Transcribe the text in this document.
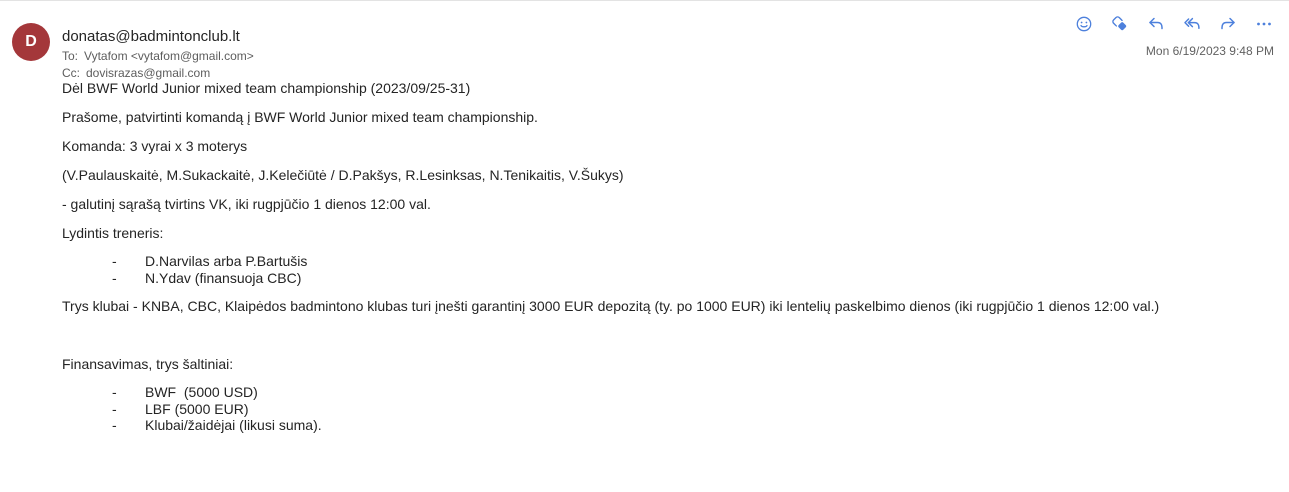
D donatas@badmintonclub.lt
To: Vytafom <vytafom@gmail.com>
Cc: dovisrazas@gmail.com
Mon 6/19/2023 9:48 PM

Dėl BWF World Junior mixed team championship (2023/09/25-31)

Prašome, patvirtinti komandą į BWF World Junior mixed team championship.

Komanda: 3 vyrai x 3 moterys

(V.Paulauskaitė, M.Sukackaitė, J.Kelečiūtė / D.Pakšys, R.Lesinksas, N.Tenikaitis, V.Šukys)

- galutinį sąrašą tvirtins VK, iki rugpjūčio 1 dienos 12:00 val.

Lydintis treneris:

-	D.Narvilas arba P.Bartušis
-	N.Ydav (finansuoja CBC)

Trys klubai - KNBA, CBC, Klaipėdos badmintono klubas turi įnešti garantinį 3000 EUR depozitą (ty. po 1000 EUR) iki lentelių paskelbimo dienos (iki rugpjūčio 1 dienos 12:00 val.)

Finansavimas, trys šaltiniai:

-	BWF  (5000 USD)
-	LBF (5000 EUR)
-	Klubai/žaidėjai (likusi suma).
